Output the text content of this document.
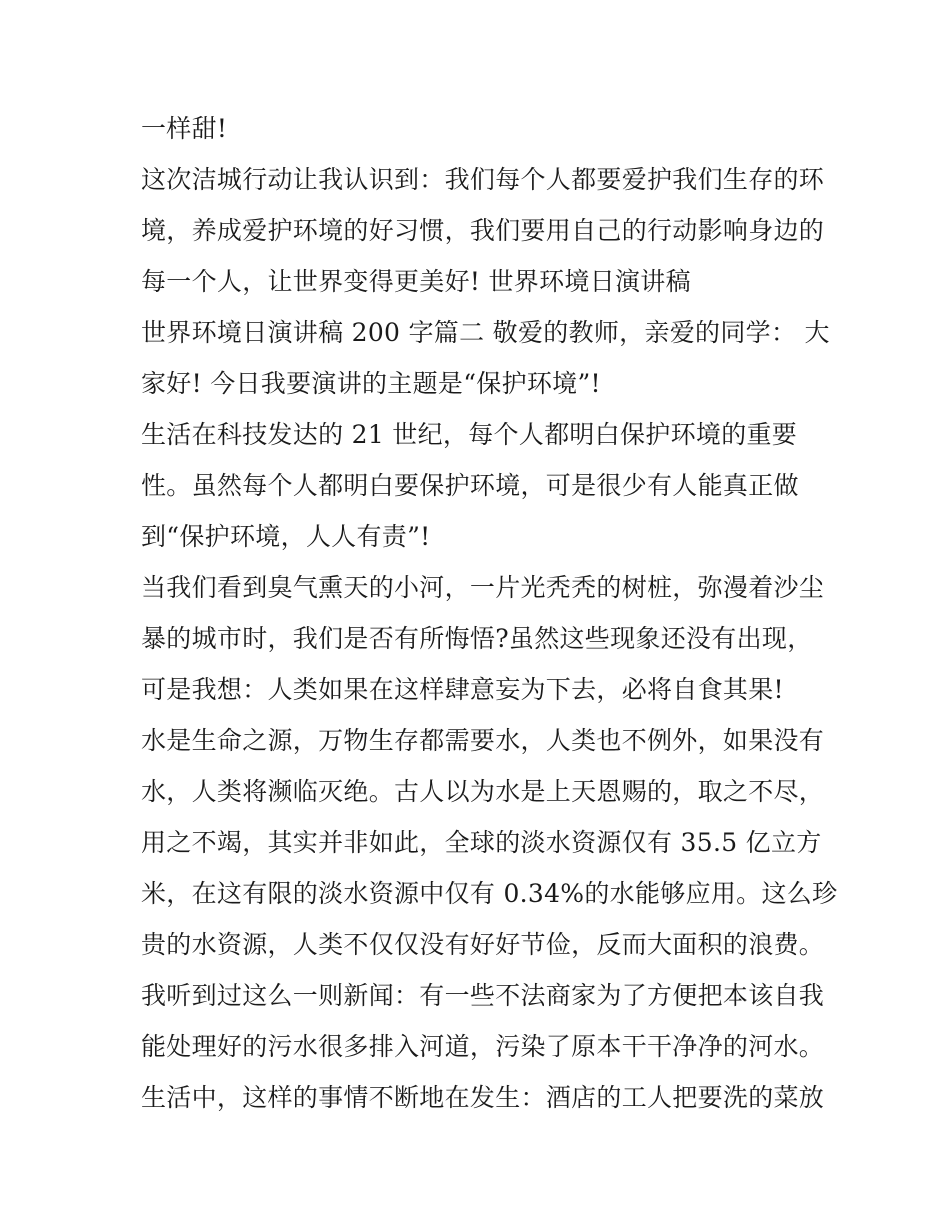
一样甜!
这次洁城行动让我认识到：我们每个人都要爱护我们生存的环
境，养成爱护环境的好习惯，我们要用自己的行动影响身边的
每一个人，让世界变得更美好! 世界环境日演讲稿
世界环境日演讲稿 200 字篇二 敬爱的教师，亲爱的同学： 大
家好! 今日我要演讲的主题是“保护环境”!
生活在科技发达的 21 世纪，每个人都明白保护环境的重要
性。虽然每个人都明白要保护环境，可是很少有人能真正做
到“保护环境，人人有责”!
当我们看到臭气熏天的小河，一片光秃秃的树桩，弥漫着沙尘
暴的城市时，我们是否有所悔悟?虽然这些现象还没有出现，
可是我想：人类如果在这样肆意妄为下去，必将自食其果!
水是生命之源，万物生存都需要水，人类也不例外，如果没有
水，人类将濒临灭绝。古人以为水是上天恩赐的，取之不尽，
用之不竭，其实并非如此，全球的淡水资源仅有 35.5 亿立方
米，在这有限的淡水资源中仅有 0.34%的水能够应用。这么珍
贵的水资源，人类不仅仅没有好好节俭，反而大面积的浪费。
我听到过这么一则新闻：有一些不法商家为了方便把本该自我
能处理好的污水很多排入河道，污染了原本干干净净的河水。
生活中，这样的事情不断地在发生：酒店的工人把要洗的菜放
